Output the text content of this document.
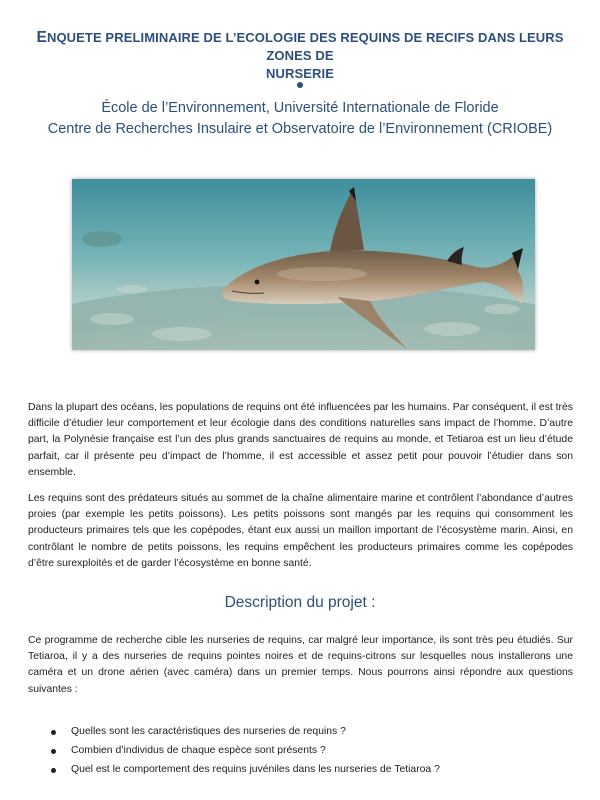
ENQUETE PRELIMINAIRE DE L’ECOLOGIE DES REQUINS DE RECIFS DANS LEURS ZONES DE
NURSERIE
École de l’Environnement, Université Internationale de Floride
Centre de Recherches Insulaire et Observatoire de l’Environnement (CRIOBE)

Dans la plupart des océans, les populations de requins ont été influencées par les humains. Par conséquent, il est très difficile d’étudier leur comportement et leur écologie dans des conditions naturelles sans impact de l’homme. D’autre part, la Polynésie française est l’un des plus grands sanctuaires de requins au monde, et Tetiaroa est un lieu d’étude parfait, car il présente peu d’impact de l’homme, il est accessible et assez petit pour pouvoir l’étudier dans son ensemble.

Les requins sont des prédateurs situés au sommet de la chaîne alimentaire marine et contrôlent l’abondance d’autres proies (par exemple les petits poissons). Les petits poissons sont mangés par les requins qui consomment les producteurs primaires tels que les copépodes, étant eux aussi un maillon important de l’écosystème marin. Ainsi, en contrôlant le nombre de petits poissons, les requins empêchent les producteurs primaires comme les copépodes d’être surexploités et de garder l’écosystème en bonne santé.

Description du projet :

Ce programme de recherche cible les nurseries de requins, car malgré leur importance, ils sont très peu étudiés. Sur Tetiaroa, il y a des nurseries de requins pointes noires et de requins-citrons sur lesquelles nous installerons une caméra et un drone aérien (avec caméra) dans un premier temps. Nous pourrons ainsi répondre aux questions suivantes :

Quelles sont les caractéristiques des nurseries de requins ?
Combien d’individus de chaque espèce sont présents ?
Quel est le comportement des requins juvéniles dans les nurseries de Tetiaroa ?
